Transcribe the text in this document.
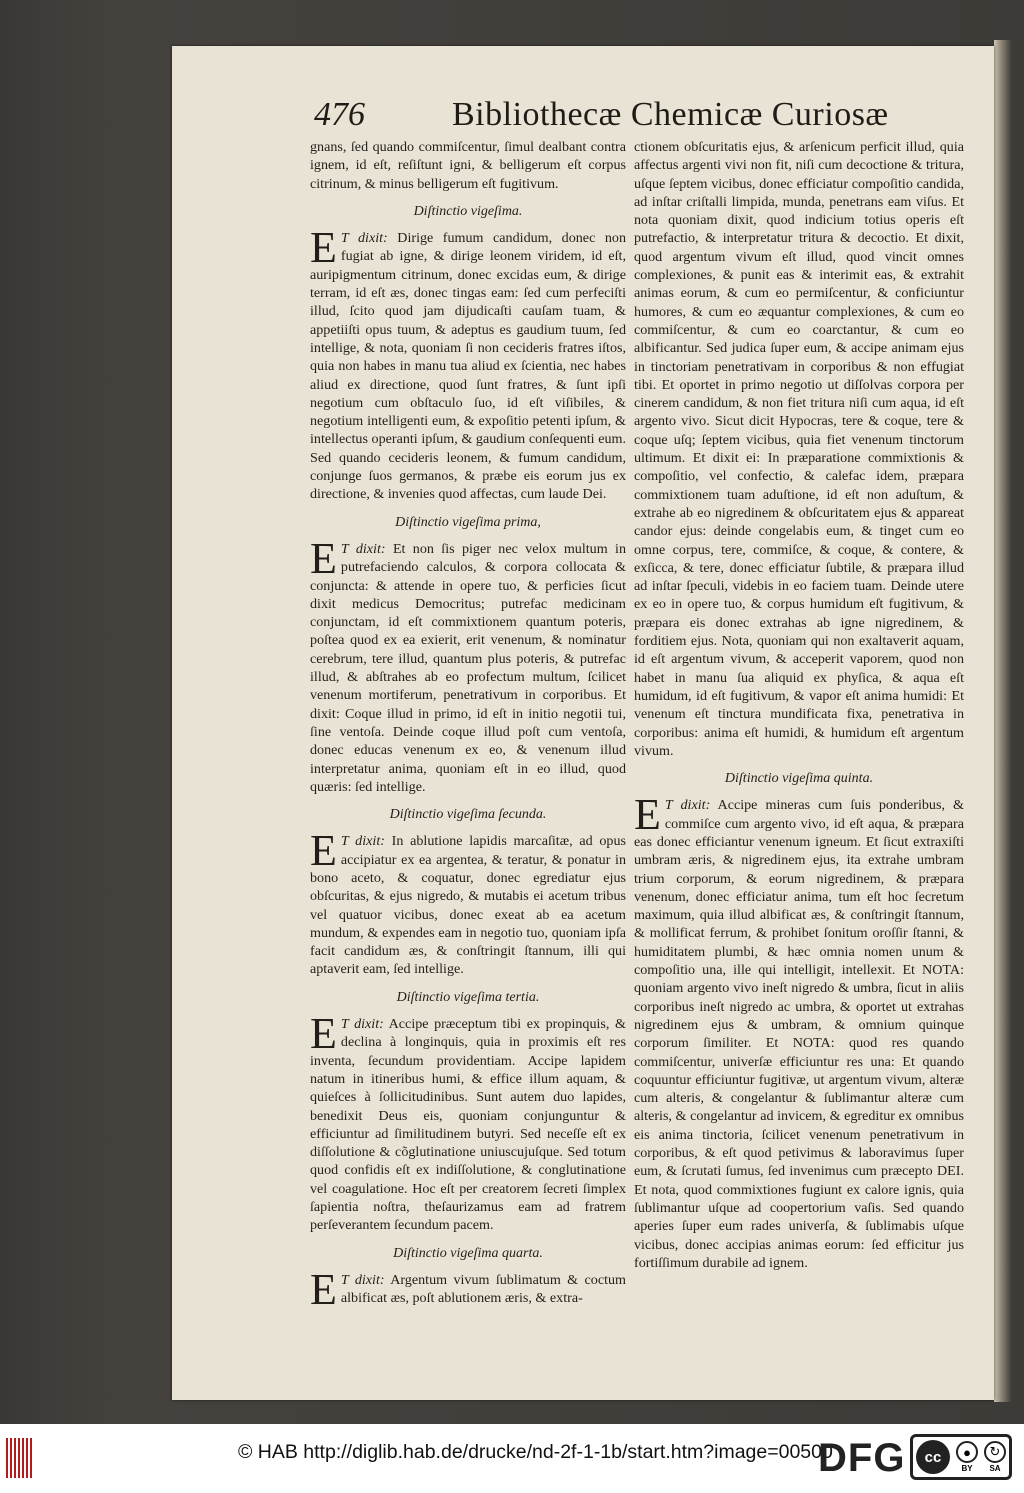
476	Bibliothecæ Chemicæ Curiosæ

gnans, ſed quando commiſcentur, ſimul dealbant contra ignem, id eſt, reſiſtunt igni, & belligerum eſt corpus citrinum, & minus belligerum eſt fugitivum.

Diſtinctio vigeſima.

E T dixit: Dirige fumum candidum, donec non fugiat ab igne, & dirige leonem viridem, id eſt, auripigmentum citrinum, donec excidas eum, & dirige terram, id eſt æs, donec tingas eam: ſed cum perfeciſti illud, ſcito quod jam dijudicaſti cauſam tuam, & appetiiſti opus tuum, & adeptus es gaudium tuum, ſed intellige, & nota, quoniam ſi non cecideris fratres iſtos, quia non habes in manu tua aliud ex ſcientia, nec habes aliud ex directione, quod ſunt fratres, & ſunt ipſi negotium cum obſtaculo ſuo, id eſt viſibiles, & negotium intelligenti eum, & expoſitio petenti ipſum, & intellectus operanti ipſum, & gaudium conſequenti eum. Sed quando cecideris leonem, & fumum candidum, conjunge ſuos germanos, & præbe eis eorum jus ex directione, & invenies quod affectas, cum laude Dei.

Diſtinctio vigeſima prima,

E T dixit: Et non ſis piger nec velox multum in putrefaciendo calculos, & corpora collocata & conjuncta: & attende in opere tuo, & perficies ſicut dixit medicus Democritus; putrefac medicinam conjunctam, id eſt commixtionem quantum poteris, poſtea quod ex ea exierit, erit venenum, & nominatur cerebrum, tere illud, quantum plus poteris, & putrefac illud, & abſtrahes ab eo profectum multum, ſcilicet venenum mortiferum, penetrativum in corporibus. Et dixit: Coque illud in primo, id eſt in initio negotii tui, ſine ventoſa. Deinde coque illud poſt cum ventoſa, donec educas venenum ex eo, & venenum illud interpretatur anima, quoniam eſt in eo illud, quod quæris: ſed intellige.

Diſtinctio vigeſima ſecunda.

E T dixit: In ablutione lapidis marcaſitæ, ad opus accipiatur ex ea argentea, & teratur, & ponatur in bono aceto, & coquatur, donec egrediatur ejus obſcuritas, & ejus nigredo, & mutabis ei acetum tribus vel quatuor vicibus, donec exeat ab ea acetum mundum, & expendes eam in negotio tuo, quoniam ipſa facit candidum æs, & conſtringit ſtannum, illi qui aptaverit eam, ſed intellige.

Diſtinctio vigeſima tertia.

E T dixit: Accipe præceptum tibi ex propinquis, & declina à longinquis, quia in proximis eſt res inventa, ſecundum providentiam. Accipe lapidem natum in itineribus humi, & effice illum aquam, & quieſces à ſollicitudinibus. Sunt autem duo lapides, benedixit Deus eis, quoniam conjunguntur & efficiuntur ad ſimilitudinem butyri. Sed neceſſe eſt ex diſſolutione & cõglutinatione uniuscujuſque. Sed totum quod confidis eſt ex indiſſolutione, & conglutinatione vel coagulatione. Hoc eſt per creatorem ſecreti ſimplex ſapientia noſtra, theſaurizamus eam ad fratrem perſeverantem ſecundum pacem.

Diſtinctio vigeſima quarta.

E T dixit: Argentum vivum ſublimatum & coctum albificat æs, poſt ablutionem æris, & extra-

ctionem obſcuritatis ejus, & arſenicum perficit illud, quia affectus argenti vivi non fit, niſi cum decoctione & tritura, uſque ſeptem vicibus, donec efficiatur compoſitio candida, ad inſtar criſtalli limpida, munda, penetrans eam viſus. Et nota quoniam dixit, quod indicium totius operis eſt putrefactio, & interpretatur tritura & decoctio. Et dixit, quod argentum vivum eſt illud, quod vincit omnes complexiones, & punit eas & interimit eas, & extrahit animas eorum, & cum eo permiſcentur, & conficiuntur humores, & cum eo æquantur complexiones, & cum eo commiſcentur, & cum eo coarctantur, & cum eo albificantur. Sed judica ſuper eum, & accipe animam ejus in tinctoriam penetrativam in corporibus & non effugiat tibi. Et oportet in primo negotio ut diſſolvas corpora per cinerem candidum, & non fiet tritura niſi cum aqua, id eſt argento vivo. Sicut dicit Hypocras, tere & coque, tere & coque uſq; ſeptem vicibus, quia fiet venenum tinctorum ultimum. Et dixit ei: In præparatione commixtionis & compoſitio, vel confectio, & calefac idem, præpara commixtionem tuam aduſtione, id eſt non aduſtum, & extrahe ab eo nigredinem & obſcuritatem ejus & appareat candor ejus: deinde congelabis eum, & tinget cum eo omne corpus, tere, commiſce, & coque, & contere, & exſicca, & tere, donec efficiatur ſubtile, & præpara illud ad inſtar ſpeculi, videbis in eo faciem tuam. Deinde utere ex eo in opere tuo, & corpus humidum eſt fugitivum, & præpara eis donec extrahas ab igne nigredinem, & forditiem ejus. Nota, quoniam qui non exaltaverit aquam, id eſt argentum vivum, & acceperit vaporem, quod non habet in manu ſua aliquid ex phyſica, & aqua eſt humidum, id eſt fugitivum, & vapor eſt anima humidi: Et venenum eſt tinctura mundificata fixa, penetrativa in corporibus: anima eſt humidi, & humidum eſt argentum vivum.

Diſtinctio vigeſima quinta.

E T dixit: Accipe mineras cum ſuis ponderibus, & commiſce cum argento vivo, id eſt aqua, & præpara eas donec efficiantur venenum igneum. Et ſicut extraxiſti umbram æris, & nigredinem ejus, ita extrahe umbram trium corporum, & eorum nigredinem, & præpara venenum, donec efficiatur anima, tum eſt hoc ſecretum maximum, quia illud albificat æs, & conſtringit ſtannum, & mollificat ferrum, & prohibet ſonitum oroſſir ſtanni, & humiditatem plumbi, & hæc omnia nomen unum & compoſitio una, ille qui intelligit, intellexit. Et NOTA: quoniam argento vivo ineſt nigredo & umbra, ſicut in aliis corporibus ineſt nigredo ac umbra, & oportet ut extrahas nigredinem ejus & umbram, & omnium quinque corporum ſimiliter. Et NOTA: quod res quando commiſcentur, univerſæ efficiuntur res una: Et quando coquuntur efficiuntur fugitivæ, ut argentum vivum, alteræ cum alteris, & congelantur & ſublimantur alteræ cum alteris, & congelantur ad invicem, & egreditur ex omnibus eis anima tinctoria, ſcilicet venenum penetrativum in corporibus, & eſt quod petivimus & laboravimus ſuper eum, & ſcrutati ſumus, ſed invenimus cum præcepto DEI. Et nota, quod commixtiones fugiunt ex calore ignis, quia ſublimantur uſque ad coopertorium vaſis. Sed quando aperies ſuper eum rades univerſa, & ſublimabis uſque vicibus, donec accipias animas eorum: ſed efficitur jus fortiſſimum durabile ad ignem.

© HAB http://diglib.hab.de/drucke/nd-2f-1-1b/start.htm?image=00500
DFG	cc	●
BY
↻
SA
